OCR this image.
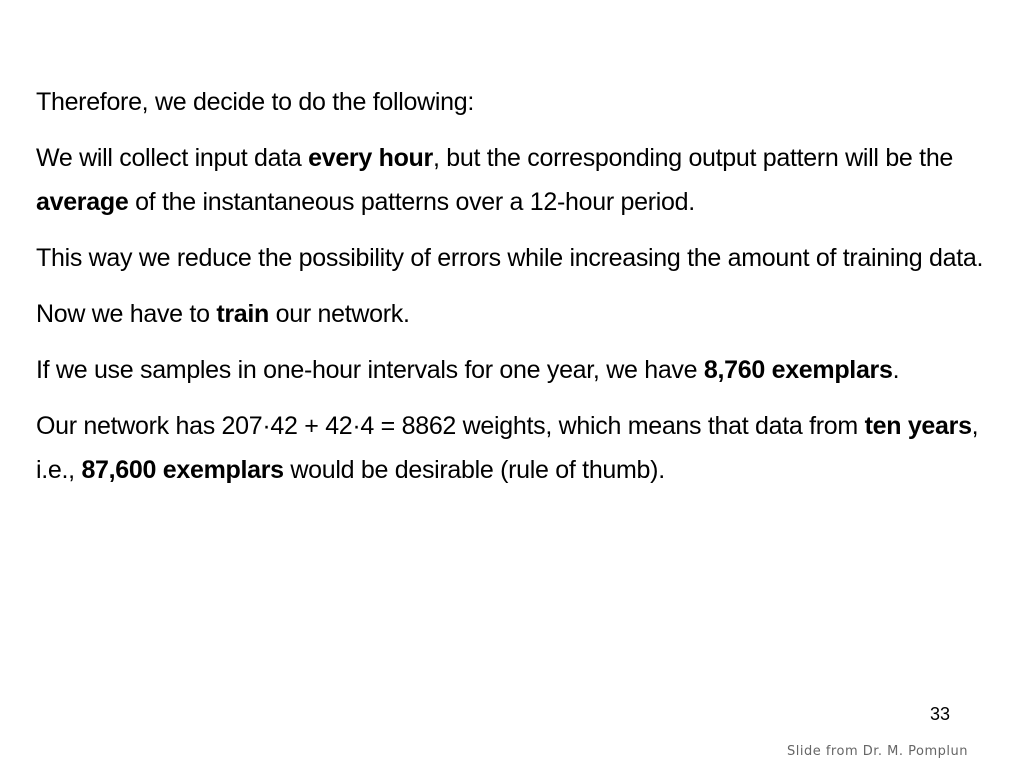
Therefore, we decide to do the following:

We will collect input data every hour, but the corresponding output pattern will be the average of the instantaneous patterns over a 12-hour period.

This way we reduce the possibility of errors while increasing the amount of training data.

Now we have to train our network.

If we use samples in one-hour intervals for one year, we have 8,760 exemplars.

Our network has 207·42 + 42·4 = 8862 weights, which means that data from ten years, i.e., 87,600 exemplars would be desirable (rule of thumb).

33
Slide from Dr. M. Pomplun
